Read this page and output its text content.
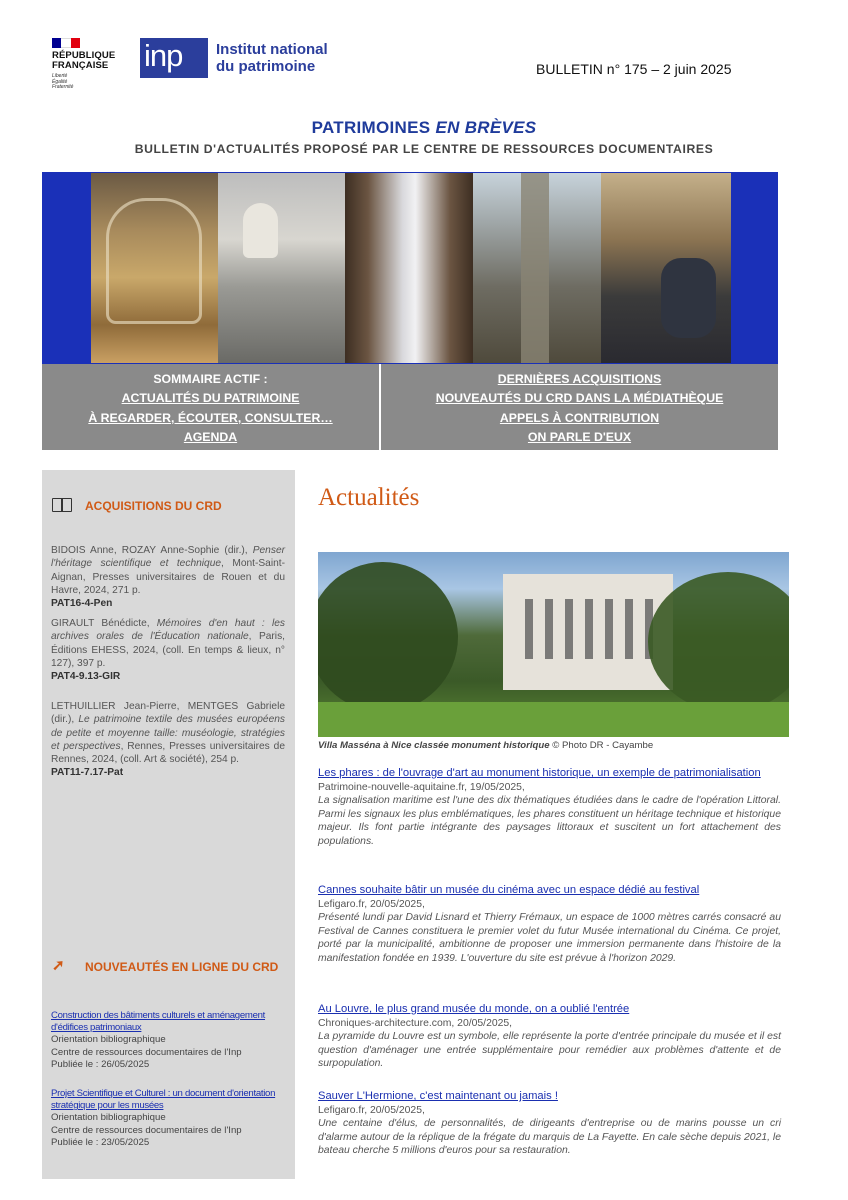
RÉPUBLIQUE
FRANÇAISE
Liberté
Égalité
Fraternité
inp	Institut national
du patrimoine	BULLETIN n° 175 – 2 juin 2025
PATRIMOINES EN BRÈVES
BULLETIN D'ACTUALITÉS PROPOSÉ PAR LE CENTRE DE RESSOURCES DOCUMENTAIRES
SOMMAIRE ACTIF :
ACTUALITÉS DU PATRIMOINE
À REGARDER, ÉCOUTER, CONSULTER…
AGENDA
DERNIÈRES ACQUISITIONS
NOUVEAUTÉS DU CRD DANS LA MÉDIATHÈQUE
APPELS À CONTRIBUTION
ON PARLE D'EUX
ACQUISITIONS DU CRD
BIDOIS Anne, ROZAY Anne-Sophie (dir.), Penser l'héritage scientifique et technique, Mont-Saint-Aignan, Presses universitaires de Rouen et du Havre, 2024, 271 p.
PAT16-4-Pen
GIRAULT Bénédicte, Mémoires d'en haut : les archives orales de l'Éducation nationale, Paris, Éditions EHESS, 2024, (coll. En temps & lieux, n° 127), 397 p.
PAT4-9.13-GIR
LETHUILLIER Jean-Pierre, MENTGES Gabriele (dir.), Le patrimoine textile des musées européens de petite et moyenne taille: muséologie, stratégies et perspectives, Rennes, Presses universitaires de Rennes, 2024, (coll. Art & société), 254 p.
PAT11-7.17-Pat
➚	NOUVEAUTÉS EN LIGNE DU CRD
Construction des bâtiments culturels et aménagement d'édifices patrimoniaux
Orientation bibliographique
Centre de ressources documentaires de l'Inp
Publiée le : 26/05/2025
Projet Scientifique et Culturel : un document d'orientation stratégique pour les musées
Orientation bibliographique
Centre de ressources documentaires de l'Inp
Publiée le : 23/05/2025
Actualités
Villa Masséna à Nice classée monument historique © Photo DR - Cayambe
Les phares : de l'ouvrage d'art au monument historique, un exemple de patrimonialisation
Patrimoine-nouvelle-aquitaine.fr, 19/05/2025,
La signalisation maritime est l'une des dix thématiques étudiées dans le cadre de l'opération Littoral. Parmi les signaux les plus emblématiques, les phares constituent un héritage technique et historique majeur. Ils font partie intégrante des paysages littoraux et suscitent un fort attachement des populations.
Cannes souhaite bâtir un musée du cinéma avec un espace dédié au festival
Lefigaro.fr, 20/05/2025,
Présenté lundi par David Lisnard et Thierry Frémaux, un espace de 1000 mètres carrés consacré au Festival de Cannes constituera le premier volet du futur Musée international du Cinéma. Ce projet, porté par la municipalité, ambitionne de proposer une immersion permanente dans l'histoire de la manifestation fondée en 1939. L'ouverture du site est prévue à l'horizon 2029.
Au Louvre, le plus grand musée du monde, on a oublié l'entrée
Chroniques-architecture.com, 20/05/2025,
La pyramide du Louvre est un symbole, elle représente la porte d'entrée principale du musée et il est question d'aménager une entrée supplémentaire pour remédier aux problèmes d'attente et de surpopulation.
Sauver L'Hermione, c'est maintenant ou jamais !
Lefigaro.fr, 20/05/2025,
Une centaine d'élus, de personnalités, de dirigeants d'entreprise ou de marins pousse un cri d'alarme autour de la réplique de la frégate du marquis de La Fayette. En cale sèche depuis 2021, le bateau cherche 5 millions d'euros pour sa restauration.
